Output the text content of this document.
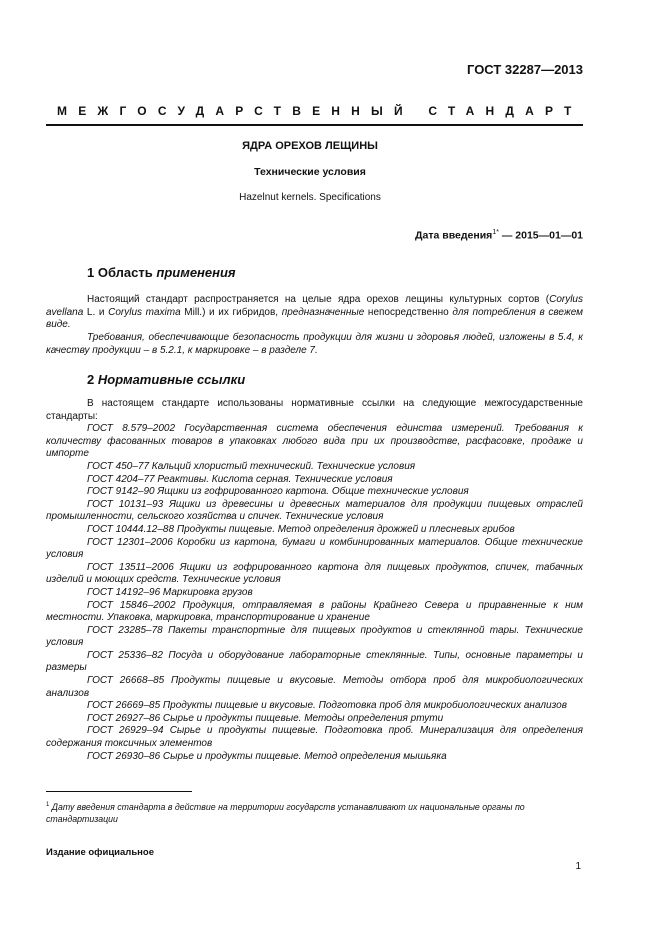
ГОСТ 32287—2013
МЕЖГОСУДАРСТВЕННЫЙ СТАНДАРТ
ЯДРА ОРЕХОВ ЛЕЩИНЫ
Технические условия
Hazelnut kernels. Specifications
Дата введения$^{1*}$ — 2015—01—01
1 Область применения
Настоящий стандарт распространяется на целые ядра орехов лещины культурных сортов (Corylus avellana L. и Corylus maxima Mill.) и их гибридов, предназначенные непосредственно для потребления в свежем виде.
Требования, обеспечивающие безопасность продукции для жизни и здоровья людей, изложены в 5.4, к качеству продукции – в 5.2.1, к маркировке – в разделе 7.
2 Нормативные ссылки
В настоящем стандарте использованы нормативные ссылки на следующие межгосударственные стандарты:
ГОСТ 8.579–2002 Государственная система обеспечения единства измерений. Требования к количеству фасованных товаров в упаковках любого вида при их производстве, расфасовке, продаже и импорте
ГОСТ 450–77 Кальций хлористый технический. Технические условия
ГОСТ 4204–77 Реактивы. Кислота серная. Технические условия
ГОСТ 9142–90 Ящики из гофрированного картона. Общие технические условия
ГОСТ 10131–93 Ящики из древесины и древесных материалов для продукции пищевых отраслей промышленности, сельского хозяйства и спичек. Технические условия
ГОСТ 10444.12–88 Продукты пищевые. Метод определения дрожжей и плесневых грибов
ГОСТ 12301–2006 Коробки из картона, бумаги и комбинированных материалов. Общие технические условия
ГОСТ 13511–2006 Ящики из гофрированного картона для пищевых продуктов, спичек, табачных изделий и моющих средств. Технические условия
ГОСТ 14192–96 Маркировка грузов
ГОСТ 15846–2002 Продукция, отправляемая в районы Крайнего Севера и приравненные к ним местности. Упаковка, маркировка, транспортирование и хранение
ГОСТ 23285–78 Пакеты транспортные для пищевых продуктов и стеклянной тары. Технические условия
ГОСТ 25336–82 Посуда и оборудование лабораторные стеклянные. Типы, основные параметры и размеры
ГОСТ 26668–85 Продукты пищевые и вкусовые. Методы отбора проб для микробиологических анализов
ГОСТ 26669–85 Продукты пищевые и вкусовые. Подготовка проб для микробиологических анализов
ГОСТ 26927–86 Сырье и продукты пищевые. Методы определения ртути
ГОСТ 26929–94 Сырье и продукты пищевые. Подготовка проб. Минерализация для определения содержания токсичных элементов
ГОСТ 26930–86 Сырье и продукты пищевые. Метод определения мышьяка
$^1$ Дату введения стандарта в действие на территории государств устанавливают их национальные органы по стандартизации
Издание официальное
1
